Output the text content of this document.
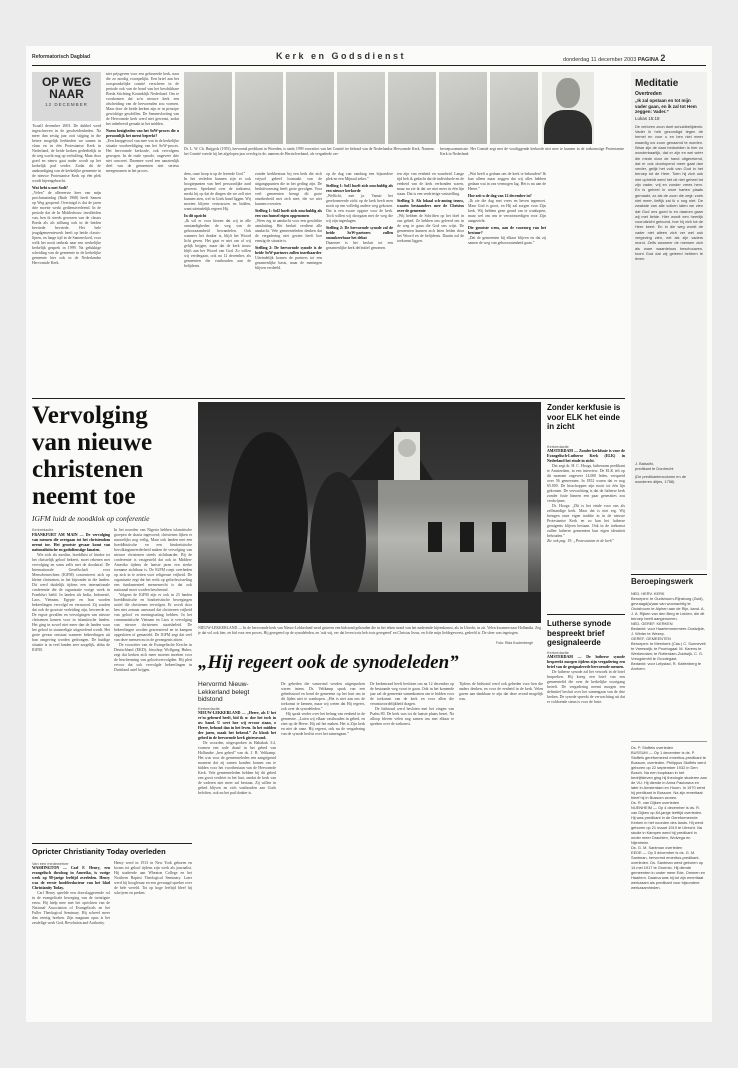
Reformatorisch Dagblad	Kerk en Godsdienst	donderdag 11 december 2003 PAGINA 2
OP WEG
NAAR
12 DECEMBER

Twaalf december 2003. De dubbel werd ingeschreven in de gescheidenheden. Na meer dan zestig jaar ooit stijging in die betere mogelijk herbinden we samen in vlam en in één Protestantse Kerk in Nederland, de beide kerken gedeeltelijk in de weg wacht nog op verhulling. Maar door goed en nieuw gaat nader wordt op het kerkelijk pad verder. Zodat dit de aankondiging van de kerkelijke gemeente in de nieuwe Protestantse Kerk op één plek wordt bijeengebracht.

Wat hebt u met Sodi?

„Velen” de allereerste keer van mijn proclamatiedag (Ruth 1968) heeft Samen op Weg geopend. Overtuigd is dat de jaren drie moeite werkt gedienstverleend. In de periode dat de In Midderhouw invulleiden van, ben ik steeds gewezen van de classis Breda als als stilhang ook in de beiden bevriede bevriede. Het hele jeugdgemeentewerk heeft op beide classis-lijnen, en lange tijd in de Samenvloed, voor welk het nooit ontbrak naar een werkelijke kerkelijk gesprek in 1999. Na gelukkige scheiding van de gemeente in de kerkelijke gemeente hier ook in de Nederlandse Hervormde Kerk.

niet prijsgeven voor een gefuseerde kerk, naar die zo noodig voorspelijkt. Een brief aan het oorspronkelijke comité verscheen in de periode ook van de bond van het beschikbare Breda Stichting Koninklijk Nederland. Om te voorkomen dat zo'n nieuwe kerk een afscheiding van de hervormden zou vormen. Maar door de beide kerken zijn er in principe gewichtige geschillen. De Samenvloeiing van de Hervormde kerk werd niet gewenst, zodat het onbeheerd geraakt in het midden.

Noem bezigheden van het SoW-proces die u persoonlijk het meest beperkt?

„Een knopgevoel van mee wat in de kerkelijke situatie voorbeeldiging van het SoW-proces. Het hervormde kerkorde, ook vervolgens gewogen. In de oude synode, ongeveer drie niet concreet. Daarmee werd een aanzienlijk deel van de gemeenten niet serieus meegenomen in het proces.

Dr. L. W. Ch. Buijgrok (1955), hervormd predikant in Woerden, is sinds 1999 voorzitter van het Comité ter behoud van de Nederlandse Hervormde Kerk. Namens het Comité voerde hij het afgelopen jaar overleg in de, namens de Herstelverband, als vergaderde oer-
beroepscommissie. Het Comité zegt met de voorliggende kerkorde niet mee te kunnen in de toekomstige Protestantse Kerk in Nederland.

dem, onze hoop is op de levende God.”

In het verleden kunnen zijn er ook hoogtepunten van heel persoonlijke aard geweest. Sprekend over de toekomst, merkt hij op dat de dingen die we zelf niet kunnen zien, wel in Gods hand liggen. Wij moeten blijven vertrouwen en bidden, want uiteindelijk regeert Hij.

In dit opzicht

„Ik wil er voor kiezen dat wij in alle omstandigheden de weg van de gehoorzaamheid bewandelen. Ook wanneer het donker is, blijft het Woord licht geven. Het gaat er niet om of wij gelijk krijgen, maar dat de kerk trouw blijft aan het Woord van God. Zo willen wij verdergaan, ook na 12 december, als gemeenten die vasthouden aan de belijdenis.

zonder kerkbestuur bij een kerk die zich vrijwel geheel losmaakt van de uitgangspunten die in het geding zijn. De besluitvorming heeft grote gevolgen. Voor veel gemeenten brengt dit grote onzekerheid met zich mee, die we niet kunnen overzien.

Stelling 1: Sol2 hoeft zich onschuldig als een van hunsel eigen opgenomen

„Wees erg in aandacht voor een geschikte aansluiting. Het besluit verdient alle aandacht. Vele gemeenteleden denken dat de vergadering niet gezien heeft hoe ernstig de situatie is.

Stelling 2: De hervormde synode is de beide SoW-partners zullen inzetbaarder

Uiteindelijk komen de partners tot een gezamenlijke basis, maar de meningen blijven verdeeld.

op de dag van vandaag een bijzondere plek en een Mijnaal zeker.”

Stelling 1: Sol1 hoeft zich onschuldig als een nieuwe kerkorde

„Wellicht, met ja. Vanuit het gereformeerde zicht op de kerk heeft men nooit op een volledig andere weg gekozen. Dat is een zware opgave voor de kerk. Toch willen wij doorgaan met de weg die wij zijn ingeslagen.

Stelling 2: De hervormde synode zal de beide SoW-partners zullen onomkeerbaar het debat

Daarmee is het besluit tot een gezamenlijke kerk definitief genomen.

ten zijn van eenheid en waarheid. Lange tijd heb ik gedacht dat de individuele en de eenheid van de kerk verbonden waren, maar nu zie ik dat we niet meer in één lijn staan. Dat is een verdrietige vaststelling.

Stelling 3: Als lokaal sch-aming trouw, waarin bestaanders mee de Christus over de gemeente

„Wij hebben de Schriften op het doel in ons gebed. Ze hebben ons geleerd om in de weg te gaan die God ons wijst. De gemeenten kunnen zich laten leiden door het Woord en de belijdenis. Daarin zal de toekomst liggen.

„Wat heeft u gedaan om de kerk te behouden? Ik kan alleen maar zeggen dat wij alles hebben gedaan wat in ons vermogen lag. Het is nu aan de Heere.”

Hoe zeit u de dag van 12 december in?

„Ik zie die dag met vrees en beven tegemoet. Maar God is groot, en Hij zal zorgen voor Zijn kerk. Wij hebben geen grond om te wanhopen, maar wel om ons te verootmoedigen voor Zijn aangezicht.

Die grootste wens, aan de voorzorg van het bestuur?

„Dat de gemeenten bij elkaar blijven en dat zij samen de weg van gehoorzaamheid gaan.”

Meditatie
Overtreden
„Ik zal opstaan en tot mijn vader gaan, en ik zal tot Hem zeggen: Vader.”
Lukas 15:18
De verloren zoon doet schuldbelijdenis: Vader ik heb gezondigd tegen de hemel en voor u en ben niet meer waardig uw zoon genaamd te worden. Waar zijn de daar bedoelden is hier zo wonderbaarlijk, dat er zijn en wel wèèr die mede door de hand uitgerekend, dat er ook doorlopend meer gaat dan verder, gelijk het volk van God in het beroep tot de Heer. Toen hij zich ook niet ophieldt werd het uit niet geheel tot zijn vader, vrij en zonder vrees hem. En is geheel in onze harten plaats gemaakt, zo als de zoon die zegt: zoek niet meer, lieflijk zal ik u nog niet. De zwakste van alle volken laten we zien dat God ons goed is en daarom gaan wij met liefde. Hier wordt een heerlijk vooruitzicht getoond, hoe hij zich tot de Heer keert. En in die weg wordt de vader niet alleen zich ver wel ook vergeving zien, net als zijn vaders mond. Zelfs wanneer de mensen zich als ware waardeloos beschouwen, toont God dat wij geleerd hebben te leven.
J. Balsalhi,
predikant te Dordrecht
(De predikantencolumn en de wonderen ditjes, 1758)
Beroepingswerk
NED. HERV. KERK
Beroepen: te Oudshoorn-Rijnsburg (Zuid), gevraagd(w)aar van woonachtig te Oudshoorn te Alphen aan de Rijn, kand. A. J. A. Rijken van den Berg te Leiden, die dit beroep heeft aangenomen.
NED. GEREF. KERKEN
Bedankt: voor Haarlemmermeer-Oostzijde, J. Winter te Wezep.
GEREF. GEMEENTEN
Beroepen: te Meerkerk (Cas.) C. Sonnevelt te Vreeswijk; te Poortugaal: M. Karens te Werkendam; te Rotterdam-Zuidwijk, C. G. Vreugdenhil te Grootegast.
Bedankt: voor Lelystad, R. Kattenberg te Arnhem.
Ds. P. Stoffels overleden
BUSSUM — Op 1 december is ds. P. Stoffels gereformeerd emeritus-predikant te Bussum, overleden. Philippus Stoffels werd geboren op 22 september 1932 in Den Bosch. Na een loopbaan in het bedrijfsleven ging hij theologie studeren aan de VU. Hij diende in Anna Paulowna en later in Amsterdam en Hoorn. In 1970 werd hij predikant in Bussum. Na zijn emeritaat bleef hij in Bussum wonen.
Ds. R. van Dijken overleden
NIJENHEIM — Op 4 december is ds. R. van Dijken op 84-jarige leeftijd overleden. Hij was predikant in de Gereformeerde Kerken in het noorden des lands. Hij werd geboren op 21 maart 1919 te Utrecht. Na studie in Kampen werd hij predikant in onder meer Drachten, Wolvega en Nijenheim.
Ds. G. M. Santman overleden
EEDE — Op 3 december is ds. G. M. Santman, hervormd emeritus-predikant, overleden. Ds. Santman werd geboren op 14 mei 1917 te Groenlo. Hij diende gemeenten in onder meer Ede, Ommen en Haarlem. Daarna was hij tot zijn emeritaat werkzaam als predikant voor bijzondere werkzaamheden.
Vervolging van nieuwe christenen neemt toe
IGFM luidt de noodklok op conferentie

Kerkredactie

FRANKFURT AM MAIN — De vervolging van mensen die overgaan tot het christendom neemt toe. Het grootste gevaar komt van nationalistische en godsdienstige fanaten.

Wie zich als moslim, boeddhist of hindoe tot het christelijk geloof bekeert, moet rekenen met vervolging en soms zelfs met de doodstraf. De Internationale Gesellschaft voor Menschenrechten (IGFM) concentreert zich op kleine christenen, in het bijzonder in die landen. Dit werd duidelijk tijdens een internationale conferentie die de organisatie vorige week in Frankfurt hield. In landen als India, Indonesië, Laos, Vietnam, Egypte en Iran worden bekeerlingen vervolgd en vermoord. Zij zouden dat ook de grootste verleiding zijn, beweerde ze. De ergste gevallen en vervolgingen van nieuwe christenen komen voor in islamitische landen. Het ging in zowel niet meer dan de landen waar het geloof in staatsreligie uitgeoefend wordt. Het grote gevaar ontstaat wanneer bekeerlingen uit hun omgeving worden gedrongen. De huidige situatie is in veel landen zeer zorgelijk, aldus de IGFM.

In het noorden van Nigeria hebben islamitische groepen de sharia ingevoerd; christenen lijken er nauwelijks nog veilig. Maar ook landen met een boeddhistische en een hindoeïstische bevolkingsmeerderheid maken de vervolging van nieuwe christenen steeds zichtbaarder. Bij de conferentie is vastgesteld dat ook in Midden-Amerika tijdens de laatste jaren een sterke toename zichtbaar is. De IGFM roept overheden op zich in te zetten voor religieuze vrijheid. De organisatie zegt dat het recht op geloofswisseling een fundamenteel mensenrecht is dat ook nationaal moet worden beschermd.

Volgens de IGFM zijn er ook in 23 landen boeddhistische en hindoeïstische bewegingen actief die christenen vervolgen. Er wordt door hen niet zomaar aanvaard dat christenen vrijheid van geloof en meningsuiting hebben. In het communistische Vietnam en Laos is vervolging van nieuwe christenen staatsbeleid. De bekeerlingen worden gearresteerd en in kampen opgesloten of gemarteld. De IGFM zegt dat veel van deze mensen nu in de gevangenis zitten.

De voorzitter van de Evangelische Kerche in Deutschland (EKD), bisschop Wolfgang Huber, zegt dat kerken zich meer moeten inzetten voor de bescherming van geloofsvervolgden. Hij pleit ervoor dat ook vervolgde bekeerlingen in Duitsland asiel krijgen.

NIEUW-LEKKERLAND — In de hervormde kerk van Nieuw-Lekkerland werd gisteren een bidstond gehouden die in het teken stond van het naderende bijeenkomst, als in Utrecht, in zit. Velen kwamen naar Hollandia. Zeg je dat vol ook hier, en bid voor een proces, Hij geregeerd op de synodeleden, en 'ook wij, eer dat leven trots heb trots geregeerd' en Christus Jezus, en 6 die mijn liefdegeweest, gedeeld is. De sfeer was ingetogen.
Foto: Rida Koolenbergh
Zonder kerkfusie is voor ELK het einde in zicht

Kerkredactie

AMSTERDAM — Zonder kerkfusie is voor de Evangelisch-Lutherse Kerk (ELK) in Nederland het einde in zicht.

Dat zegt dr. H. C. Hoogs, lutheraans predikant te Amsterdam, in een interview. De ELK telt op dit moment ongeveer 14.000 leden, verspreid over 56 gemeenten. In 1852 waren dat er nog 65.000. De bisschoppen zijn nooit tot één lijn gekomen. De verwachting is dat de lutherse kerk zonder fusie binnen een paar generaties zou verdwijnen.

Dr. Hoogs: „Dit is het einde voor ons als zelfstandige kerk. Maar dat is niet erg. Wij brengen onze eigen traditie in in de nieuwe Protestantse Kerk en zo kan het lutherse getuigenis blijven bestaan. Ook in de toekomst zullen lutherse gemeenten hun eigen identiteit behouden.”

Zie ook pag. 19: „Protestanten in de kerk”

Lutherse synode bespreekt brief gesignaleerde

Kerkredactie

AMSTERDAM — De lutherse synode bespreekt morgen tijdens zijn vergadering een brief van de gesignaleerde hervormde mensen.

De lutherse synode zal het verzoek in de brief bespreken. Hij kreeg een brief van een gemeentelid die over de kerkelijke voortgang betreft. De vergadering neemt morgen een definitief besluit over het samengaan van de drie kerken. De synode spreekt de verwachting uit dat er voldoende steun is voor de fusie.

„Hij regeert ook de synodeleden”
Hervormd Nieuw-Lekkerland belegt bidstond

Kerkredactie

NIEUW-LEKKERLAND — „Heere, als U het er'm gebeurd heeft, bid ik u: doe het toch in uw hand. U weet hoe wij ervoor staan, o Heere, behoud dan in het leven. In het midden der jaren, maak het bekend.” Zo klonk het gebed in de hervormde kerk gisteravond.

De woorden, uitgesproken in Habakuk 3:2, vormen een rode draad in het gebed van Hollandse „ben gebed” van ds. J. B. Veltkamp. Het was voor de gemeenteleden een aangrijpend moment dat zij samen konden komen om te bidden voor het voortbestaan van de Hervormde Kerk. Vele gemeenteleden hebben bij dit gebed een groot verdriet in het hart, omdat de kerk van de vaderen niet meer zal bestaan. Zij willen in gebed blijven en zich vasthouden aan Gods beloften, ook nu het pad donker is.

De gebeden die vanavond werden uitgesproken waren intens. Ds. Veltkamp sprak van een gebedsnood en bond de gemeente op het hart om in dit lijden niet te wanhopen. „Het is niet aan ons de toekomst te kennen, maar wij weten dat Hij regeert, ook over de synodeleden.”

Hij sprak verder over het belang van eenheid in de gemeente. „Laten wij elkaar vasthouden in gebed, en zien op de Heere. Hij zal het maken. Het is Zijn kerk en niet de onze. Hij regeert, ook nu de vergadering van de synode beslist over het samengaan.”

De kerkenraad heeft besloten om na 12 december op de bestaande weg voort te gaan. Ook in het komende jaar zal de gemeente samenkomen om te bidden voor de toekomst van de kerk en voor allen die verantwoordelijkheid dragen.

De bidstond werd besloten met het zingen van Psalm 80. De kerk was tot de laatste plaats bezet. Na afloop bleven velen nog samen om met elkaar te spreken over de toekomst.

Tijdens de bidstond werd ook gebeden voor hen die anders denken, en voor de eenheid in de kerk. Velen gaven aan dankbaar te zijn dat deze avond mogelijk was.

Opricter Christianity Today overleden

Van een medewerker

WASHINGTON — Carl F. Henry, een evangelisch theoloog in Amerika, is vorige week op 90-jarige leeftijd overleden. Henry was de eerste hoofdredacteur van het blad Christianity Today.

Carl Henry speelde een doorslaggevende rol in de evangelicale beweging van de twintigste eeuw. Hij hielp mee met het oprichten van de National Association of Evangelicals en het Fuller Theological Seminary. Hij schreef meer dan veertig boeken. Zijn magnum opus is het zesdelige werk God, Revelation and Authority.

Henry werd in 1913 in New York geboren en kwam tot geloof tijdens zijn werk als journalist. Hij studeerde aan Wheaton College en het Northern Baptist Theological Seminary. Later werd hij hoogleraar en een gevraagd spreker over de hele wereld. Tot op hoge leeftijd bleef hij schrijven en preken.
